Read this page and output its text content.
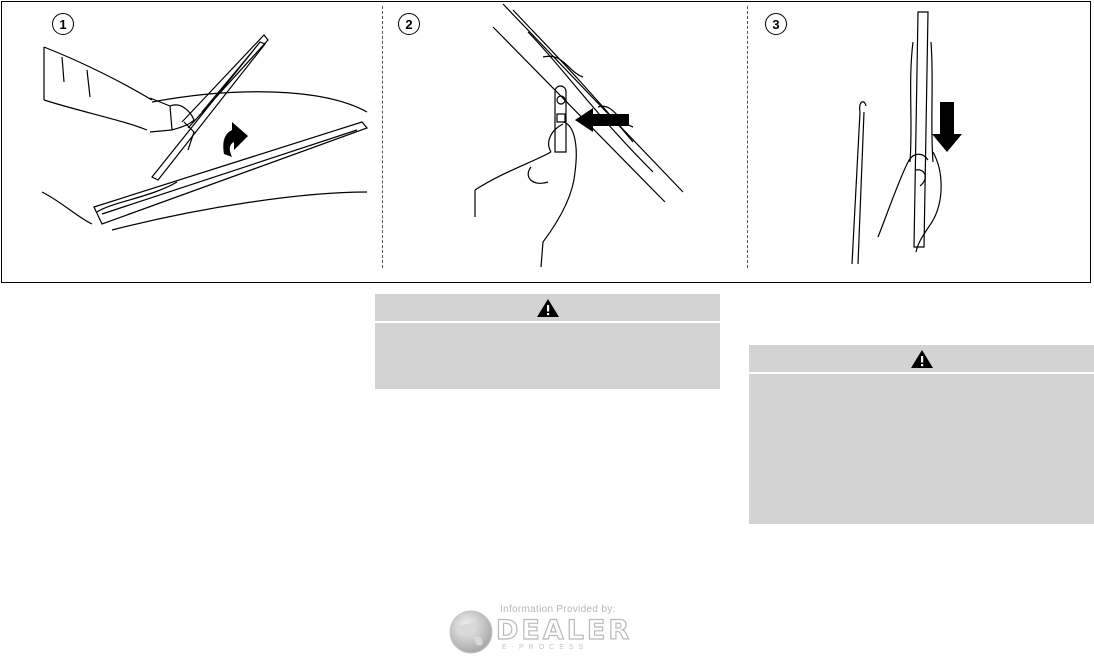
1	2	3
Information Provided by:
DEALER
E-PROCESS
